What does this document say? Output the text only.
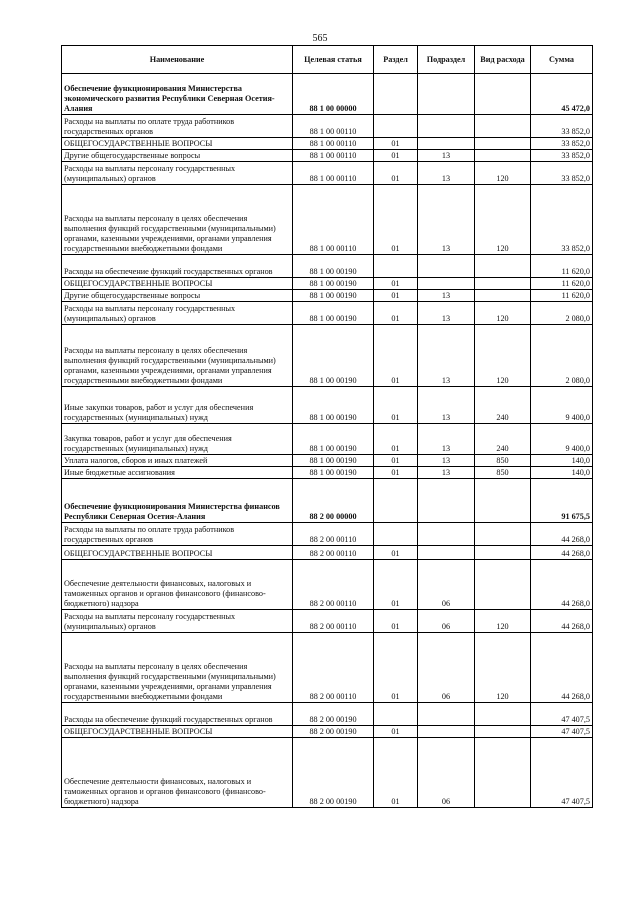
565
Наименование	Целевая статья	Раздел	Подраздел	Вид расхода	Сумма
Обеспечение функционирования Министерства экономического развития Республики Северная Осетия-Алания	88 1 00 00000				45 472,0
Расходы на выплаты по оплате труда работников государственных органов	88 1 00 00110				33 852,0
ОБЩЕГОСУДАРСТВЕННЫЕ ВОПРОСЫ	88 1 00 00110	01			33 852,0
Другие общегосударственные вопросы	88 1 00 00110	01	13		33 852,0
Расходы на выплаты персоналу государственных (муниципальных) органов	88 1 00 00110	01	13	120	33 852,0
Расходы на выплаты персоналу в целях обеспечения выполнения функций государственными (муниципальными) органами, казенными учреждениями, органами управления государственными внебюджетными фондами	88 1 00 00110	01	13	120	33 852,0
Расходы на обеспечение функций государственных органов	88 1 00 00190				11 620,0
ОБЩЕГОСУДАРСТВЕННЫЕ ВОПРОСЫ	88 1 00 00190	01			11 620,0
Другие общегосударственные вопросы	88 1 00 00190	01	13		11 620,0
Расходы на выплаты персоналу государственных (муниципальных) органов	88 1 00 00190	01	13	120	2 080,0
Расходы на выплаты персоналу в целях обеспечения выполнения функций государственными (муниципальными) органами, казенными учреждениями, органами управления государственными внебюджетными фондами	88 1 00 00190	01	13	120	2 080,0
Иные закупки товаров, работ и услуг для обеспечения государственных (муниципальных) нужд	88 1 00 00190	01	13	240	9 400,0
Закупка товаров, работ и услуг для обеспечения государственных (муниципальных) нужд	88 1 00 00190	01	13	240	9 400,0
Уплата налогов, сборов и иных платежей	88 1 00 00190	01	13	850	140,0
Иные бюджетные ассигнования	88 1 00 00190	01	13	850	140,0
Обеспечение функционирования Министерства финансов Республики Северная Осетия-Алания	88 2 00 00000				91 675,5
Расходы на выплаты по оплате труда работников государственных органов	88 2 00 00110				44 268,0
ОБЩЕГОСУДАРСТВЕННЫЕ ВОПРОСЫ	88 2 00 00110	01			44 268,0
Обеспечение деятельности финансовых, налоговых и таможенных органов и органов финансового (финансово-бюджетного) надзора	88 2 00 00110	01	06		44 268,0
Расходы на выплаты персоналу государственных (муниципальных) органов	88 2 00 00110	01	06	120	44 268,0
Расходы на выплаты персоналу в целях обеспечения выполнения функций государственными (муниципальными) органами, казенными учреждениями, органами управления государственными внебюджетными фондами	88 2 00 00110	01	06	120	44 268,0
Расходы на обеспечение функций государственных органов	88 2 00 00190				47 407,5
ОБЩЕГОСУДАРСТВЕННЫЕ ВОПРОСЫ	88 2 00 00190	01			47 407,5
Обеспечение деятельности финансовых, налоговых и таможенных органов и органов финансового (финансово-бюджетного) надзора	88 2 00 00190	01	06		47 407,5
